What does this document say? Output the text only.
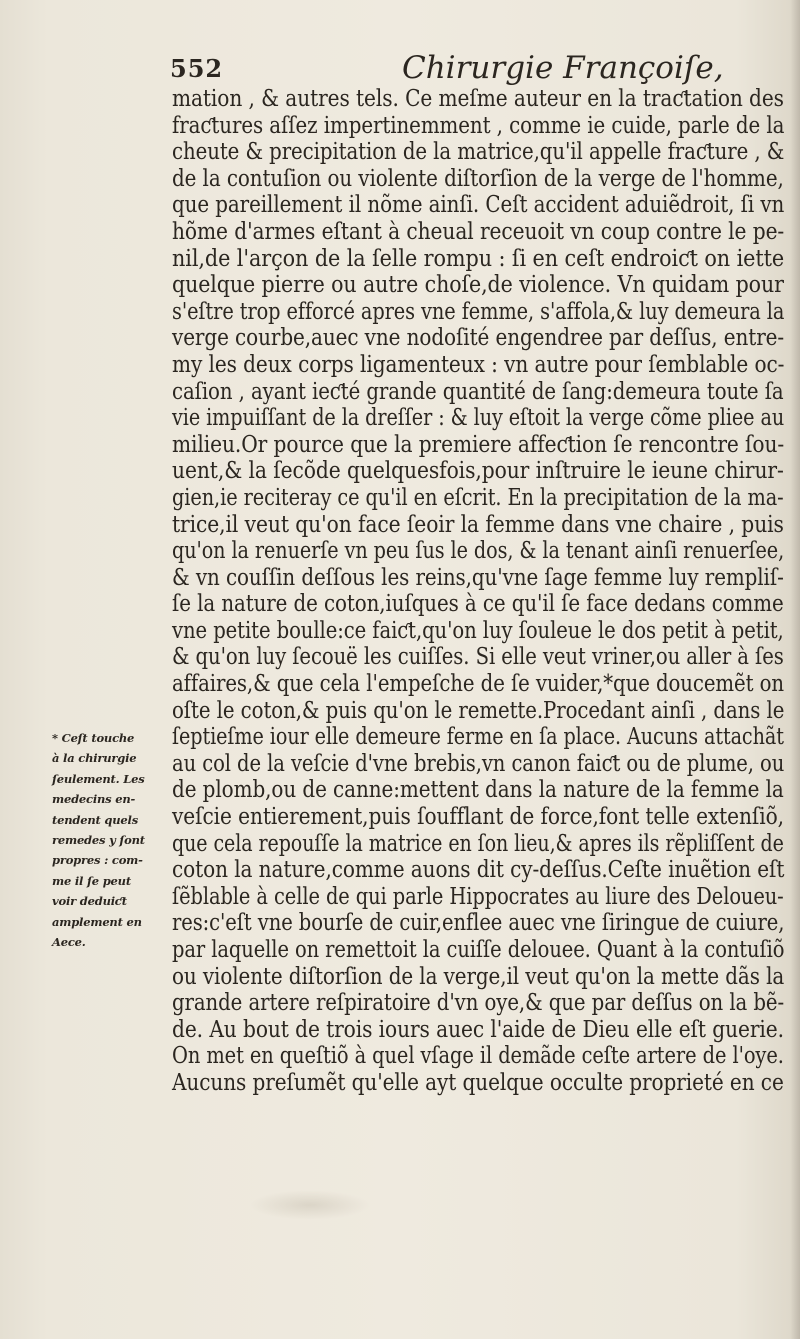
552	Chirurgie Françoiſe,
mation , & autres tels. Ce meſme auteur en la traƈtation des
fraƈtures aſſez impertinemment , comme ie cuide, parle de la
cheute & precipitation de la matrice,qu'il appelle fraƈture , &
de la contuſion ou violente diſtorſion de la verge de l'homme,
que pareillement il nõme ainſi. Ceſt accident aduiẽdroit, ſi vn
hõme d'armes eſtant à cheual receuoit vn coup contre le pe-
nil,de l'arçon de la ſelle rompu : ſi en ceſt endroiƈt on iette
quelque pierre ou autre choſe,de violence. Vn quidam pour
s'eſtre trop efforcé apres vne femme, s'affola,& luy demeura la
verge courbe,auec vne nodoſité engendree par deſſus, entre-
my les deux corps ligamenteux : vn autre pour ſemblable oc-
caſion , ayant ieƈté grande quantité de ſang:demeura toute ſa
vie impuiſſant de la dreſſer : & luy eſtoit la verge cõme pliee au
milieu.Or pource que la premiere affeƈtion ſe rencontre ſou-
uent,& la ſecõde quelquesfois,pour inſtruire le ieune chirur-
gien,ie reciteray ce qu'il en eſcrit. En la precipitation de la ma-
trice,il veut qu'on face ſeoir la femme dans vne chaire , puis
qu'on la renuerſe vn peu ſus le dos, & la tenant ainſi renuerſee,
& vn couſſin deſſous les reins,qu'vne ſage femme luy rempliſ-
ſe la nature de coton,iuſques à ce qu'il ſe face dedans comme
vne petite boulle:ce faiƈt,qu'on luy ſouleue le dos petit à petit,
& qu'on luy ſecouë les cuiſſes. Si elle veut vriner,ou aller à ſes
affaires,& que cela l'empeſche de ſe vuider,*que doucemẽt on
oſte le coton,& puis qu'on le remette.Procedant ainſi , dans le
ſeptieſme iour elle demeure ferme en ſa place. Aucuns attachãt
au col de la veſcie d'vne brebis,vn canon faiƈt ou de plume, ou
de plomb,ou de canne:mettent dans la nature de la femme la
veſcie entierement,puis ſoufflant de force,font telle extenſiõ,
que cela repouſſe la matrice en ſon lieu,& apres ils rẽpliſſent de
coton la nature,comme auons dit cy-deſſus.Ceſte inuẽtion eſt
ſẽblable à celle de qui parle Hippocrates au liure des Deloueu-
res:c'eſt vne bourſe de cuir,enflee auec vne ſiringue de cuiure,
par laquelle on remettoit la cuiſſe delouee. Quant à la contuſiõ
ou violente diſtorſion de la verge,il veut qu'on la mette dãs la
grande artere reſpiratoire d'vn oye,& que par deſſus on la bẽ-
de. Au bout de trois iours auec l'aide de Dieu elle eſt guerie.
On met en queſtiõ à quel vſage il demãde ceſte artere de l'oye.
Aucuns preſumẽt qu'elle ayt quelque occulte proprieté en ce
* Ceſt touche
à la chirurgie
ſeulement. Les
medecins en-
tendent quels
remedes y ſont
propres : com-
me il ſe peut
voir deduiƈt
amplement en
Aece.
